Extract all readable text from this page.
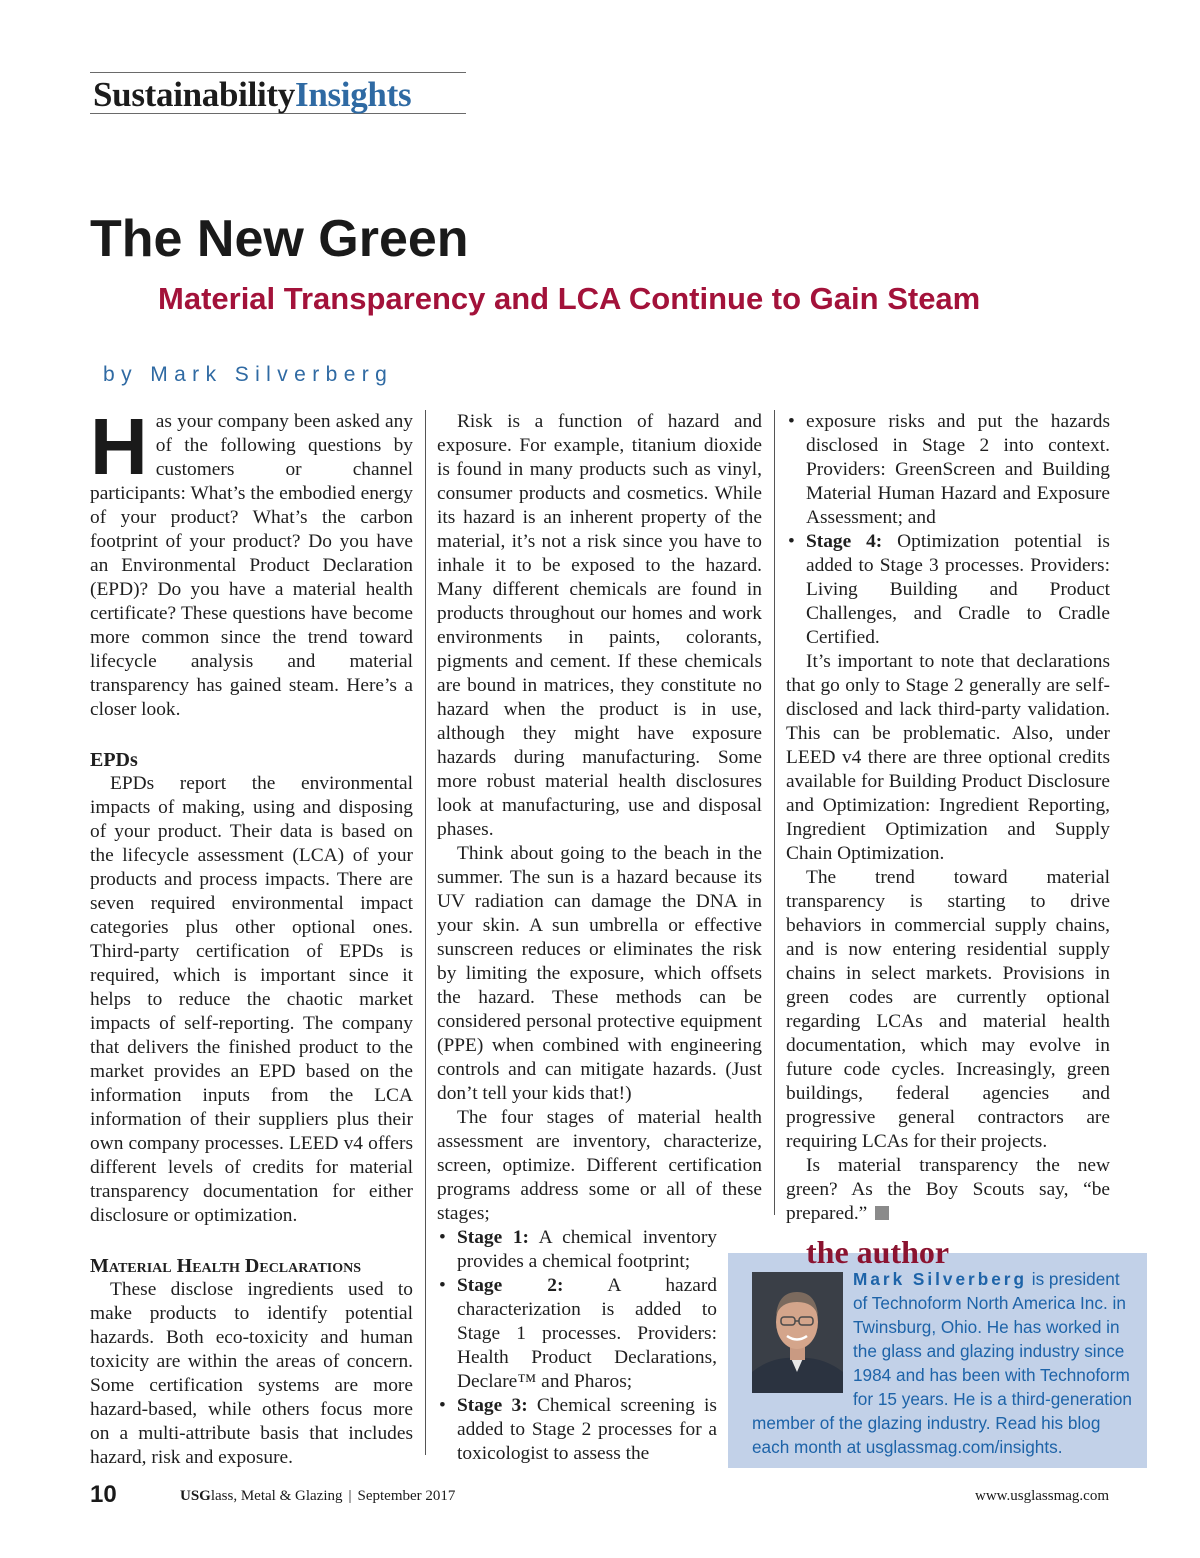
SustainabilityInsights
The New Green
Material Transparency and LCA Continue to Gain Steam
by Mark Silverberg

Has your company been asked any of the following questions by customers or channel participants: What’s the embodied energy of your product? What’s the carbon footprint of your product? Do you have an Environmental Product Declaration (EPD)? Do you have a material health certificate? These questions have become more common since the trend toward lifecycle analysis and material transparency has gained steam. Here’s a closer look.

EPDs

EPDs report the environmental impacts of making, using and disposing of your product. Their data is based on the lifecycle assessment (LCA) of your products and process impacts. There are seven required environmental impact categories plus other optional ones. Third-party certification of EPDs is required, which is important since it helps to reduce the chaotic market impacts of self-reporting. The company that delivers the finished product to the market provides an EPD based on the information inputs from the LCA information of their suppliers plus their own company processes. LEED v4 offers different levels of credits for material transparency documentation for either disclosure or optimization.

Material Health Declarations

These disclose ingredients used to make products to identify potential hazards. Both eco-toxicity and human toxicity are within the areas of concern. Some certification systems are more hazard-based, while others focus more on a multi-attribute basis that includes hazard, risk and exposure.

Risk is a function of hazard and exposure. For example, titanium dioxide is found in many products such as vinyl, consumer products and cosmetics. While its hazard is an inherent property of the material, it’s not a risk since you have to inhale it to be exposed to the hazard. Many different chemicals are found in products throughout our homes and work environments in paints, colorants, pigments and cement. If these chemicals are bound in matrices, they constitute no hazard when the product is in use, although they might have exposure hazards during manufacturing. Some more robust material health disclosures look at manufacturing, use and disposal phases.

Think about going to the beach in the summer. The sun is a hazard because its UV radiation can damage the DNA in your skin. A sun umbrella or effective sunscreen reduces or eliminates the risk by limiting the exposure, which offsets the hazard. These methods can be considered personal protective equipment (PPE) when combined with engineering controls and can mitigate hazards. (Just don’t tell your kids that!)

The four stages of material health assessment are inventory, characterize, screen, optimize. Different certification programs address some or all of these stages;

• Stage 1: A chemical inventory provides a chemical footprint;
• Stage 2: A hazard characterization is added to Stage 1 processes. Providers: Health Product Declarations, Declare™ and Pharos;
• Stage 3: Chemical screening is added to Stage 2 processes for a toxicologist to assess the
• exposure risks and put the hazards disclosed in Stage 2 into context. Providers: GreenScreen and Building Material Human Hazard and Exposure Assessment; and
• Stage 4: Optimization potential is added to Stage 3 processes. Providers: Living Building and Product Challenges, and Cradle to Cradle Certified.

It’s important to note that declarations that go only to Stage 2 generally are self-disclosed and lack third-party validation. This can be problematic. Also, under LEED v4 there are three optional credits available for Building Product Disclosure and Optimization: Ingredient Reporting, Ingredient Optimization and Supply Chain Optimization.

The trend toward material transparency is starting to drive behaviors in commercial supply chains, and is now entering residential supply chains in select markets. Provisions in green codes are currently optional regarding LCAs and material health documentation, which may evolve in future code cycles. Increasingly, green buildings, federal agencies and progressive general contractors are requiring LCAs for their projects.

Is material transparency the new green? As the Boy Scouts say, “be prepared.”

the author
Mark Silverberg is president of Technoform North America Inc. in Twinsburg, Ohio. He has worked in the glass and glazing industry since 1984 and has been with Technoform for 15 years. He is a third-generation member of the glazing industry. Read his blog each month at usglassmag.com/insights.
10	USGlass, Metal & Glazing | September 2017	www.usglassmag.com
